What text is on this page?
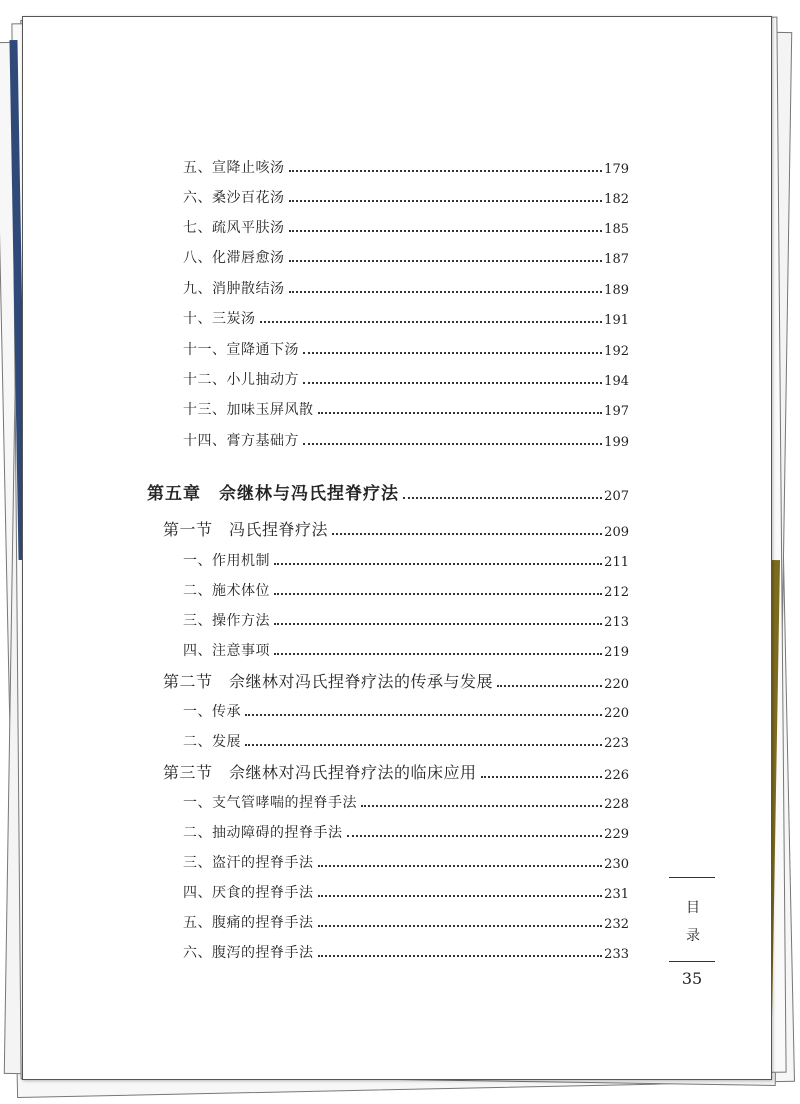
五、宣降止咳汤	179
六、桑沙百花汤	182
七、疏风平肤汤	185
八、化滞唇愈汤	187
九、消肿散结汤	189
十、三炭汤	191
十一、宣降通下汤	192
十二、小儿抽动方	194
十三、加味玉屏风散	197
十四、膏方基础方	199
第五章　佘继林与冯氏捏脊疗法	207
第一节　冯氏捏脊疗法	209
一、作用机制	211
二、施术体位	212
三、操作方法	213
四、注意事项	219
第二节　佘继林对冯氏捏脊疗法的传承与发展	220
一、传承	220
二、发展	223
第三节　佘继林对冯氏捏脊疗法的临床应用	226
一、支气管哮喘的捏脊手法	228
二、抽动障碍的捏脊手法	229
三、盗汗的捏脊手法	230
四、厌食的捏脊手法	231
五、腹痛的捏脊手法	232
六、腹泻的捏脊手法	233
目
录
35
